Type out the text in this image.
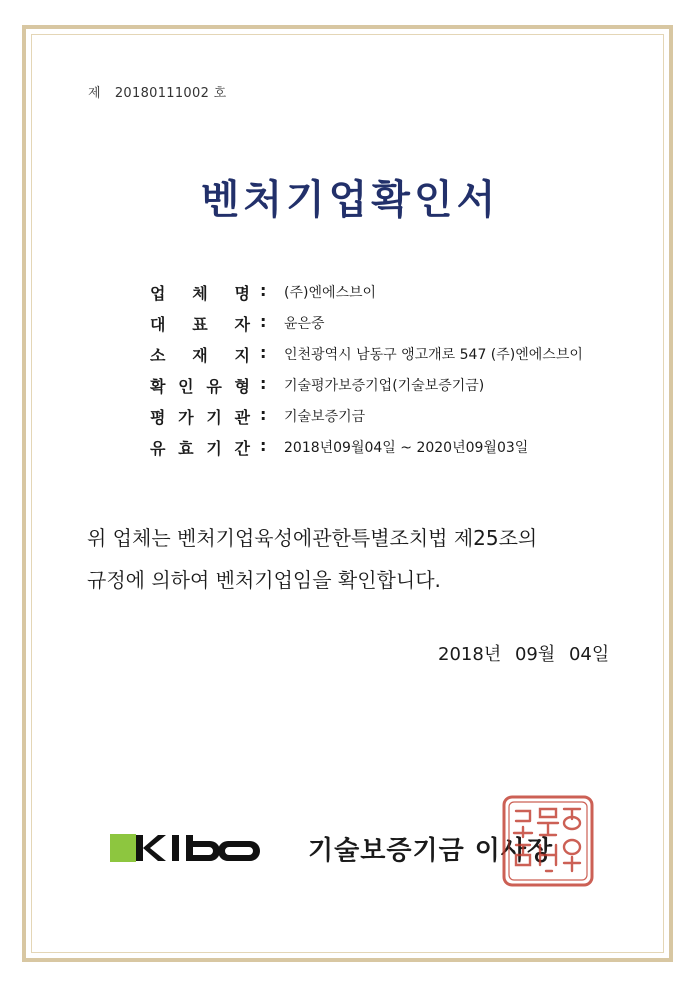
제 20180111002 호
벤처기업확인서
업 체 명 : (주)엔에스브이
대 표 자 : 윤은중
소 재 지 : 인천광역시 남동구 앵고개로 547 (주)엔에스브이
확 인 유 형 : 기술평가보증기업(기술보증기금)
평 가 기 관 : 기술보증기금
유 효 기 간 : 2018년09월04일 ~ 2020년09월03일
위 업체는 벤처기업육성에관한특별조치법 제25조의
규정에 의하여 벤처기업임을 확인합니다.
2018년 09월 04일
기술보증기금 이사장
